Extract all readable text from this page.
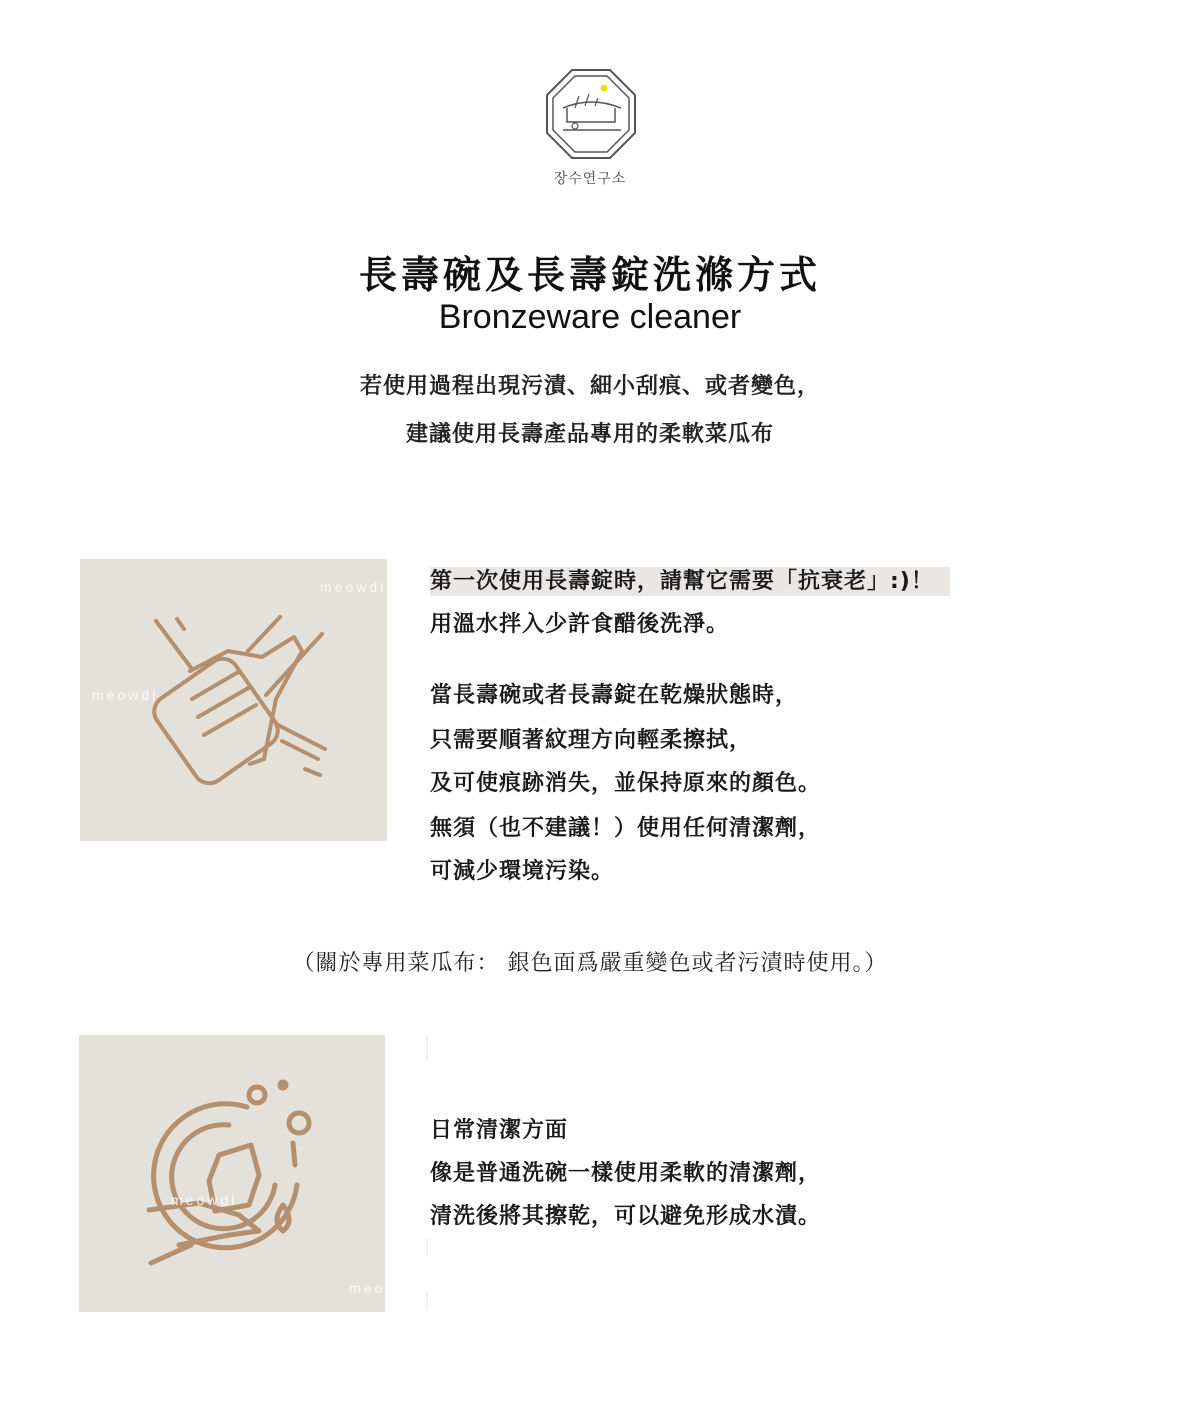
장수연구소
長壽碗及長壽錠洗滌方式
Bronzeware cleaner
若使用過程出現污漬、細小刮痕、或者變色，
建議使用長壽產品專用的柔軟菜瓜布
meowdi
meowdi
第一次使用長壽錠時，請幫它需要「抗衰老」:)！
用溫水拌入少許食醋後洗淨。
當長壽碗或者長壽錠在乾燥狀態時，
只需要順著紋理方向輕柔擦拭，
及可使痕跡消失，並保持原來的顏色。
無須（也不建議！）使用任何清潔劑，
可減少環境污染。
（關於專用菜瓜布： 銀色面爲嚴重變色或者污漬時使用。）
meowdi
meowdi
日常清潔方面
像是普通洗碗一樣使用柔軟的清潔劑，
清洗後將其擦乾，可以避免形成水漬。
